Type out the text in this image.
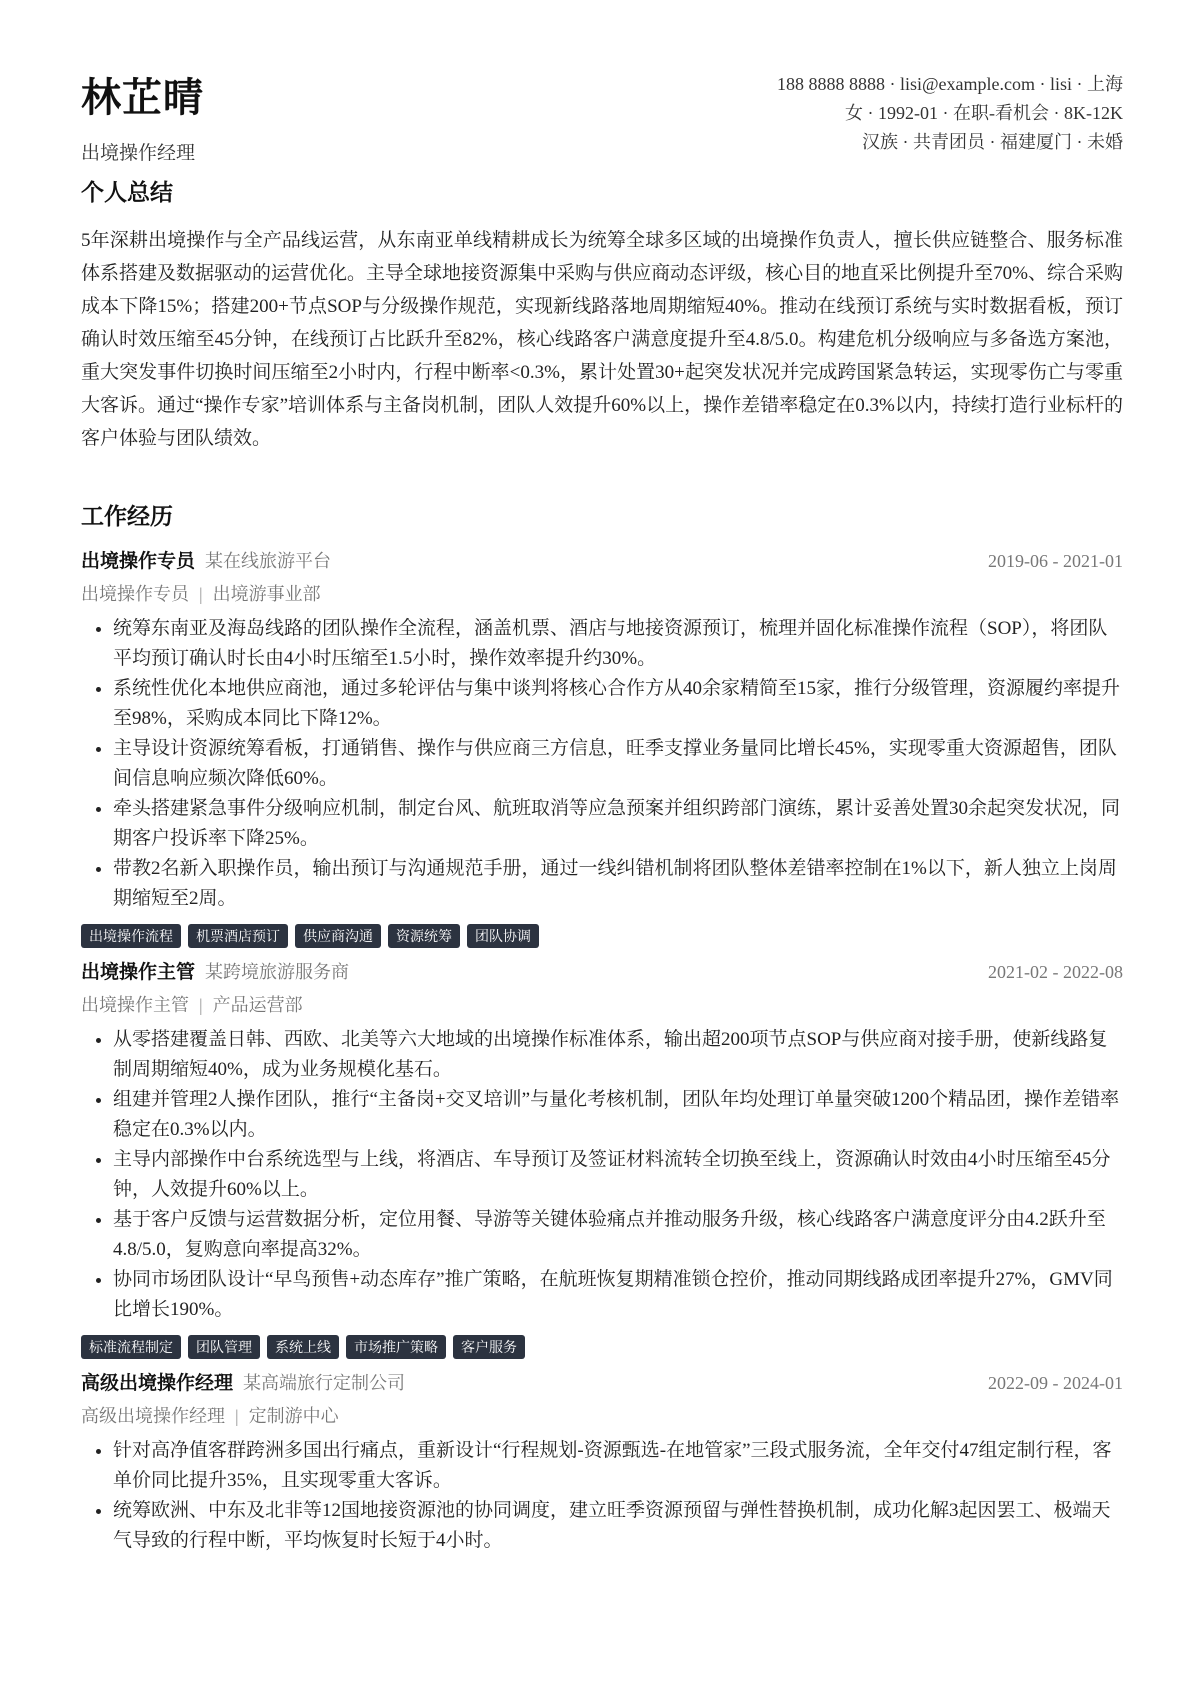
林芷晴
出境操作经理
188 8888 8888 · lisi@example.com · lisi · 上海
女 · 1992-01 · 在职-看机会 · 8K-12K
汉族 · 共青团员 · 福建厦门 · 未婚
个人总结
5年深耕出境操作与全产品线运营，从东南亚单线精耕成长为统筹全球多区域的出境操作负责人，擅长供应链整合、服务标准体系搭建及数据驱动的运营优化。主导全球地接资源集中采购与供应商动态评级，核心目的地直采比例提升至70%、综合采购成本下降15%；搭建200+节点SOP与分级操作规范，实现新线路落地周期缩短40%。推动在线预订系统与实时数据看板，预订确认时效压缩至45分钟，在线预订占比跃升至82%，核心线路客户满意度提升至4.8/5.0。构建危机分级响应与多备选方案池，重大突发事件切换时间压缩至2小时内，行程中断率<0.3%，累计处置30+起突发状况并完成跨国紧急转运，实现零伤亡与零重大客诉。通过“操作专家”培训体系与主备岗机制，团队人效提升60%以上，操作差错率稳定在0.3%以内，持续打造行业标杆的客户体验与团队绩效。
工作经历
出境操作专员 某在线旅游平台	2019-06 - 2021-01
出境操作专员 | 出境游事业部
• 统筹东南亚及海岛线路的团队操作全流程，涵盖机票、酒店与地接资源预订，梳理并固化标准操作流程（SOP），将团队平均预订确认时长由4小时压缩至1.5小时，操作效率提升约30%。
• 系统性优化本地供应商池，通过多轮评估与集中谈判将核心合作方从40余家精简至15家，推行分级管理，资源履约率提升至98%，采购成本同比下降12%。
• 主导设计资源统筹看板，打通销售、操作与供应商三方信息，旺季支撑业务量同比增长45%，实现零重大资源超售，团队间信息响应频次降低60%。
• 牵头搭建紧急事件分级响应机制，制定台风、航班取消等应急预案并组织跨部门演练，累计妥善处置30余起突发状况，同期客户投诉率下降25%。
• 带教2名新入职操作员，输出预订与沟通规范手册，通过一线纠错机制将团队整体差错率控制在1%以下，新人独立上岗周期缩短至2周。
出境操作流程	机票酒店预订	供应商沟通	资源统筹	团队协调
出境操作主管 某跨境旅游服务商	2021-02 - 2022-08
出境操作主管 | 产品运营部
• 从零搭建覆盖日韩、西欧、北美等六大地域的出境操作标准体系，输出超200项节点SOP与供应商对接手册，使新线路复制周期缩短40%，成为业务规模化基石。
• 组建并管理2人操作团队，推行“主备岗+交叉培训”与量化考核机制，团队年均处理订单量突破1200个精品团，操作差错率稳定在0.3%以内。
• 主导内部操作中台系统选型与上线，将酒店、车导预订及签证材料流转全切换至线上，资源确认时效由4小时压缩至45分钟，人效提升60%以上。
• 基于客户反馈与运营数据分析，定位用餐、导游等关键体验痛点并推动服务升级，核心线路客户满意度评分由4.2跃升至4.8/5.0，复购意向率提高32%。
• 协同市场团队设计“早鸟预售+动态库存”推广策略，在航班恢复期精准锁仓控价，推动同期线路成团率提升27%，GMV同比增长190%。
标准流程制定	团队管理	系统上线	市场推广策略	客户服务
高级出境操作经理 某高端旅行定制公司	2022-09 - 2024-01
高级出境操作经理 | 定制游中心
• 针对高净值客群跨洲多国出行痛点，重新设计“行程规划-资源甄选-在地管家”三段式服务流，全年交付47组定制行程，客单价同比提升35%，且实现零重大客诉。
• 统筹欧洲、中东及北非等12国地接资源池的协同调度，建立旺季资源预留与弹性替换机制，成功化解3起因罢工、极端天气导致的行程中断，平均恢复时长短于4小时。
